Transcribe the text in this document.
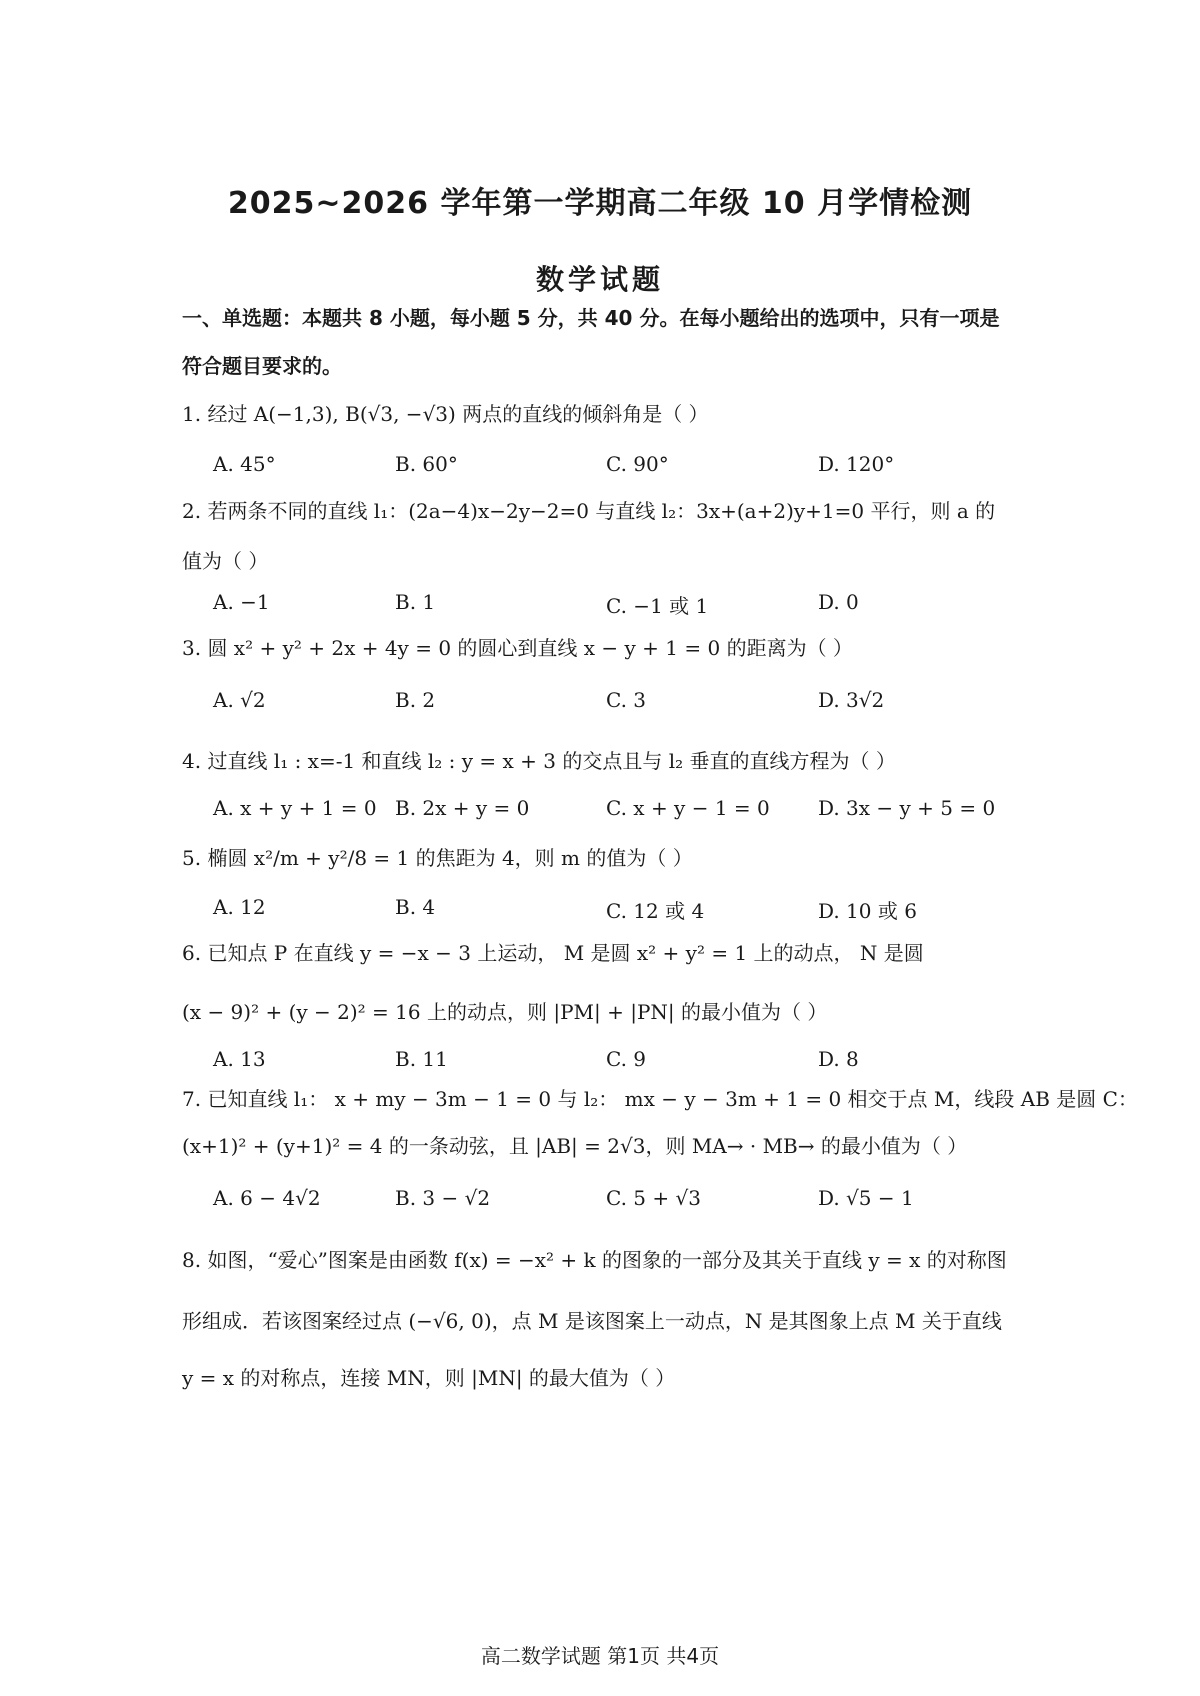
2025~2026 学年第一学期高二年级 10 月学情检测
数学试题
一、单选题：本题共 8 小题，每小题 5 分，共 40 分。在每小题给出的选项中，只有一项是
符合题目要求的。
1. 经过 A(−1,3), B(√3, −√3) 两点的直线的倾斜角是（ ）
A. 45°	B. 60°	C. 90°	D. 120°
2. 若两条不同的直线 l₁：(2a−4)x−2y−2=0 与直线 l₂：3x+(a+2)y+1=0 平行，则 a 的
值为（ ）
A. −1	B. 1	C. −1 或 1	D. 0
3. 圆 x² + y² + 2x + 4y = 0 的圆心到直线 x − y + 1 = 0 的距离为（ ）
A. √2	B. 2	C. 3	D. 3√2
4. 过直线 l₁ : x=-1 和直线 l₂ : y = x + 3 的交点且与 l₂ 垂直的直线方程为（ ）
A. x + y + 1 = 0 B. 2x + y = 0	C. x + y − 1 = 0 D. 3x − y + 5 = 0
5. 椭圆 x²/m + y²/8 = 1 的焦距为 4，则 m 的值为（ ）
A. 12	B. 4	C. 12 或 4	D. 10 或 6
6. 已知点 P 在直线 y = −x − 3 上运动， M 是圆 x² + y² = 1 上的动点， N 是圆
(x − 9)² + (y − 2)² = 16 上的动点，则 |PM| + |PN| 的最小值为（ ）
A. 13	B. 11	C. 9	D. 8
7. 已知直线 l₁： x + my − 3m − 1 = 0 与 l₂： mx − y − 3m + 1 = 0 相交于点 M，线段 AB 是圆 C：
(x+1)² + (y+1)² = 4 的一条动弦，且 |AB| = 2√3，则 MA→ · MB→ 的最小值为（ ）
A. 6 − 4√2	B. 3 − √2	C. 5 + √3	D. √5 − 1
8. 如图，“爱心”图案是由函数 f(x) = −x² + k 的图象的一部分及其关于直线 y = x 的对称图
形组成．若该图案经过点 (−√6, 0)，点 M 是该图案上一动点，N 是其图象上点 M 关于直线
y = x 的对称点，连接 MN，则 |MN| 的最大值为（ ）
高二数学试题 第1页 共4页
